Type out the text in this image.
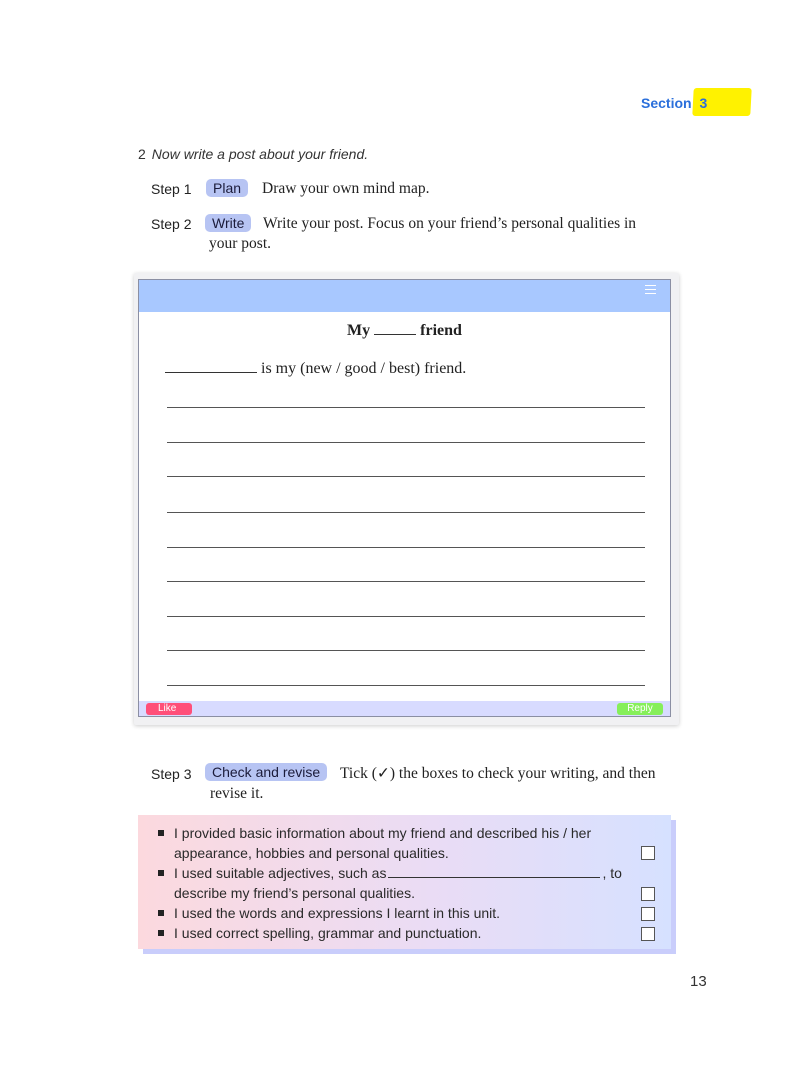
Section 3
2 Now write a post about your friend.
Step 1	Plan	Draw your own mind map.
Step 2	Write	Write your post. Focus on your friend’s personal qualities in
your post.
My	friend
is my (new / good / best) friend.
Like	Reply
Step 3	Check and revise	Tick (✓) the boxes to check your writing, and then
revise it.
I provided basic information about my friend and described his / her
appearance, hobbies and personal qualities.
I used suitable adjectives, such as	, to
describe my friend’s personal qualities.
I used the words and expressions I learnt in this unit.
I used correct spelling, grammar and punctuation.
13
